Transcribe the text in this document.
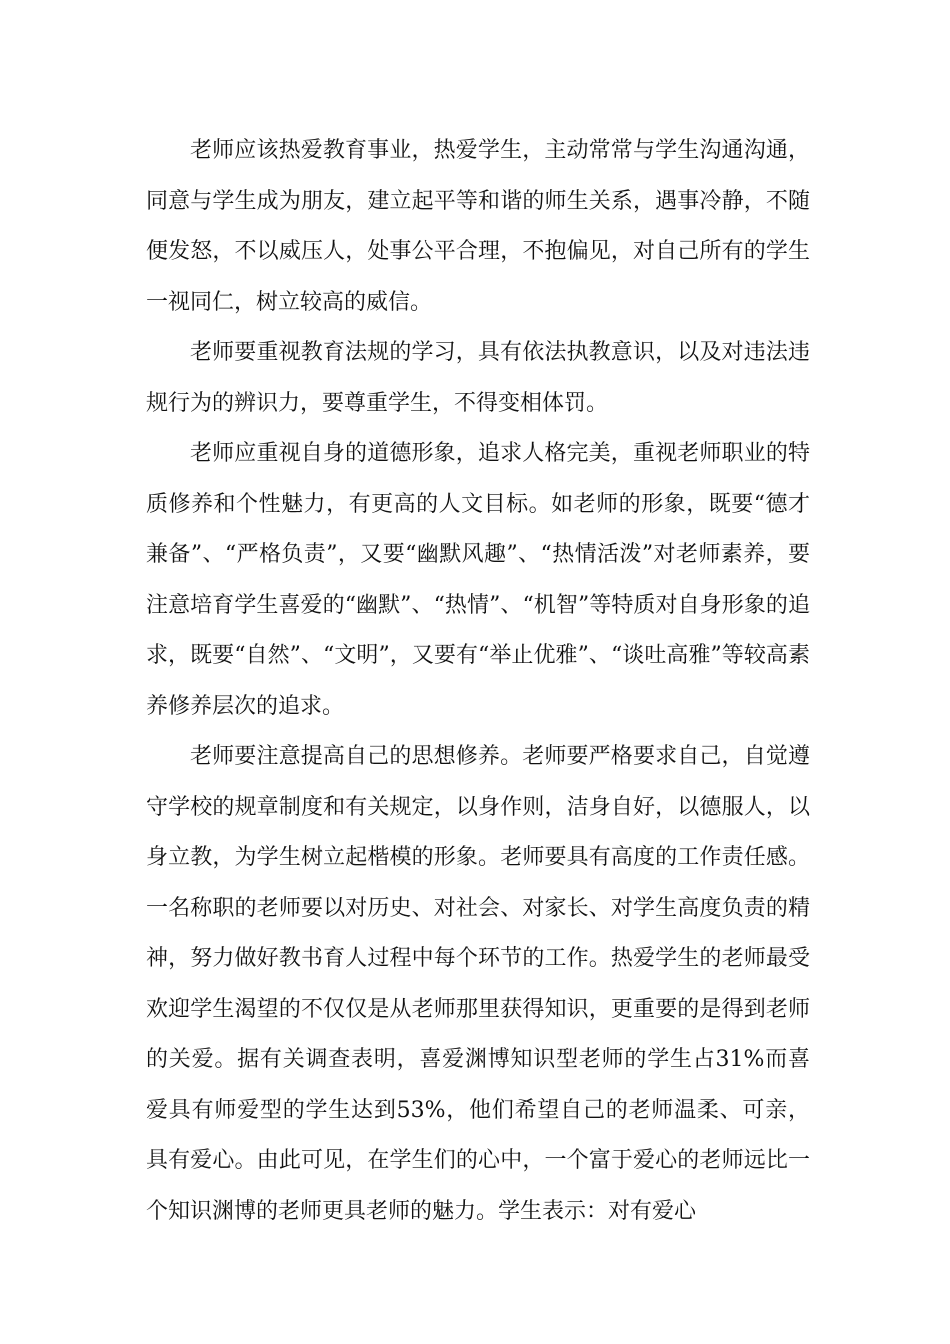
老师应该热爱教育事业，热爱学生，主动常常与学生沟通沟通，同意与学生成为朋友，建立起平等和谐的师生关系，遇事冷静，不随便发怒，不以威压人，处事公平合理，不抱偏见，对自己所有的学生一视同仁，树立较高的威信。

老师要重视教育法规的学习，具有依法执教意识，以及对违法违规行为的辨识力，要尊重学生，不得变相体罚。

老师应重视自身的道德形象，追求人格完美，重视老师职业的特质修养和个性魅力，有更高的人文目标。如老师的形象，既要“德才兼备”、“严格负责”，又要“幽默风趣”、“热情活泼”对老师素养，要注意培育学生喜爱的“幽默”、“热情”、“机智”等特质对自身形象的追求，既要“自然”、“文明”，又要有“举止优雅”、“谈吐高雅”等较高素养修养层次的追求。

老师要注意提高自己的思想修养。老师要严格要求自己，自觉遵守学校的规章制度和有关规定，以身作则，洁身自好，以德服人，以身立教，为学生树立起楷模的形象。老师要具有高度的工作责任感。一名称职的老师要以对历史、对社会、对家长、对学生高度负责的精神，努力做好教书育人过程中每个环节的工作。热爱学生的老师最受欢迎学生渴望的不仅仅是从老师那里获得知识，更重要的是得到老师的关爱。据有关调查表明，喜爱渊博知识型老师的学生占31%而喜爱具有师爱型的学生达到53%，他们希望自己的老师温柔、可亲，具有爱心。由此可见，在学生们的心中，一个富于爱心的老师远比一个知识渊博的老师更具老师的魅力。学生表示：对有爱心
